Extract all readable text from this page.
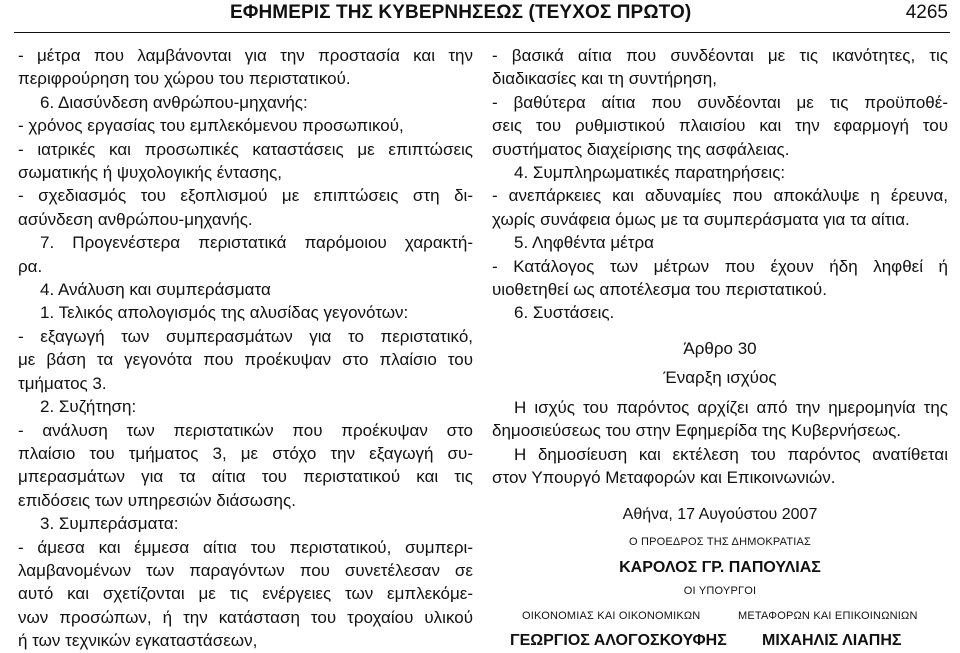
ΕΦΗΜΕΡΙΣ ΤΗΣ ΚΥΒΕΡΝΗΣΕΩΣ (ΤΕΥΧΟΣ ΠΡΩΤΟ)	4265
- μέτρα που λαμβάνονται για την προστασία και την
περιφρούρηση του χώρου του περιστατικού.
6. Διασύνδεση ανθρώπου-μηχανής:
- χρόνος εργασίας του εμπλεκόμενου προσωπικού,
- ιατρικές και προσωπικές καταστάσεις με επιπτώσεις
σωματικής ή ψυχολογικής έντασης,
- σχεδιασμός του εξοπλισμού με επιπτώσεις στη δι-
ασύνδεση ανθρώπου-μηχανής.
7. Προγενέστερα περιστατικά παρόμοιου χαρακτή-
ρα.
4. Ανάλυση και συμπεράσματα
1. Τελικός απολογισμός της αλυσίδας γεγονότων:
- εξαγωγή των συμπερασμάτων για το περιστατικό,
με βάση τα γεγονότα που προέκυψαν στο πλαίσιο του
τμήματος 3.
2. Συζήτηση:
- ανάλυση των περιστατικών που προέκυψαν στο
πλαίσιο του τμήματος 3, με στόχο την εξαγωγή συ-
μπερασμάτων για τα αίτια του περιστατικού και τις
επιδόσεις των υπηρεσιών διάσωσης.
3. Συμπεράσματα:
- άμεσα και έμμεσα αίτια του περιστατικού, συμπερι-
λαμβανομένων των παραγόντων που συνετέλεσαν σε
αυτό και σχετίζονται με τις ενέργειες των εμπλεκόμε-
νων προσώπων, ή την κατάσταση του τροχαίου υλικού
ή των τεχνικών εγκαταστάσεων,
- βασικά αίτια που συνδέονται με τις ικανότητες, τις
διαδικασίες και τη συντήρηση,
- βαθύτερα αίτια που συνδέονται με τις προϋποθέ-
σεις του ρυθμιστικού πλαισίου και την εφαρμογή του
συστήματος διαχείρισης της ασφάλειας.
4. Συμπληρωματικές παρατηρήσεις:
- ανεπάρκειες και αδυναμίες που αποκάλυψε η έρευνα,
χωρίς συνάφεια όμως με τα συμπεράσματα για τα αίτια.
5. Ληφθέντα μέτρα
- Κατάλογος των μέτρων που έχουν ήδη ληφθεί ή
υιοθετηθεί ως αποτέλεσμα του περιστατικού.
6. Συστάσεις.
Άρθρο 30
Έναρξη ισχύος
Η ισχύς του παρόντος αρχίζει από την ημερομηνία της
δημοσιεύσεως του στην Εφημερίδα της Κυβερνήσεως.
Η δημοσίευση και εκτέλεση του παρόντος ανατίθεται
στον Υπουργό Μεταφορών και Επικοινωνιών.
Αθήνα, 17 Αυγούστου 2007
Ο ΠΡΟΕΔΡΟΣ ΤΗΣ ΔΗΜΟΚΡΑΤΙΑΣ
ΚΑΡΟΛΟΣ ΓΡ. ΠΑΠΟΥΛΙΑΣ
ΟΙ ΥΠΟΥΡΓΟΙ
ΟΙΚΟΝΟΜΙΑΣ ΚΑΙ ΟΙΚΟΝΟΜΙΚΩΝ	ΜΕΤΑΦΟΡΩΝ ΚΑΙ ΕΠΙΚΟΙΝΩΝΙΩΝ
ΓΕΩΡΓΙΟΣ ΑΛΟΓΟΣΚΟΥΦΗΣ ΜΙΧΑΗΛΙΣ ΛΙΑΠΗΣ
